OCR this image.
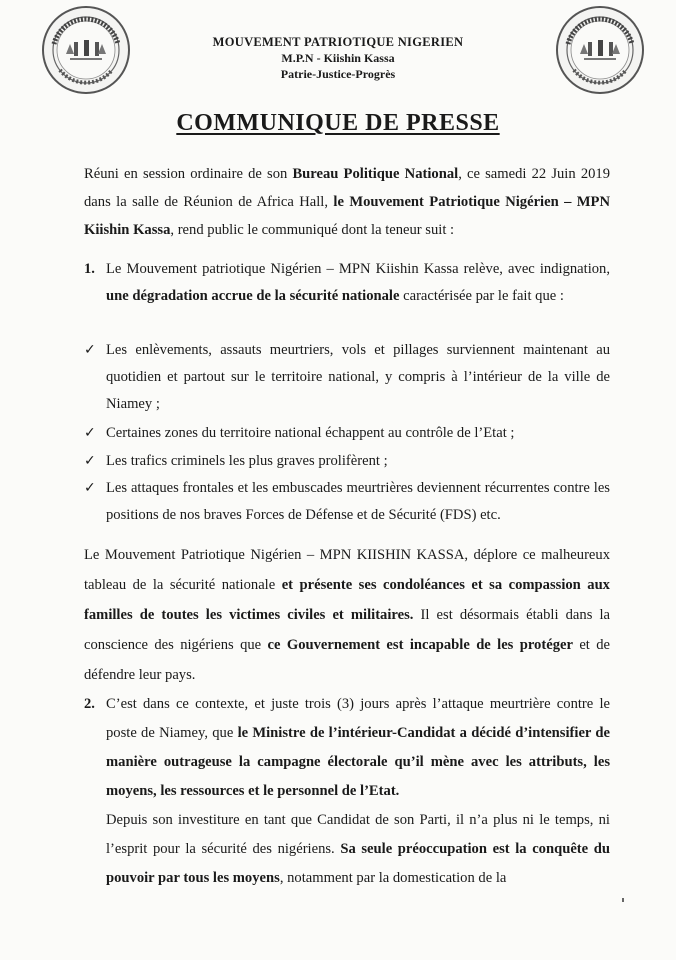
MOUVEMENT PATRIOTIQUE NIGERIEN
M.P.N - Kiishin Kassa
Patrie-Justice-Progrès
COMMUNIQUE DE PRESSE
Réuni en session ordinaire de son Bureau Politique National, ce samedi 22 Juin 2019 dans la salle de Réunion de Africa Hall, le Mouvement Patriotique Nigérien – MPN Kiishin Kassa, rend public le communiqué dont la teneur suit :
1. Le Mouvement patriotique Nigérien – MPN Kiishin Kassa relève, avec indignation, une dégradation accrue de la sécurité nationale caractérisée par le fait que :
✓ Les enlèvements, assauts meurtriers, vols et pillages surviennent maintenant au quotidien et partout sur le territoire national, y compris à l’intérieur de la ville de Niamey ;
✓ Certaines zones du territoire national échappent au contrôle de l’Etat ;
✓ Les trafics criminels les plus graves prolifèrent ;
✓ Les attaques frontales et les embuscades meurtrières deviennent récurrentes contre les positions de nos braves Forces de Défense et de Sécurité (FDS) etc.
Le Mouvement Patriotique Nigérien – MPN KIISHIN KASSA, déplore ce malheureux tableau de la sécurité nationale et présente ses condoléances et sa compassion aux familles de toutes les victimes civiles et militaires. Il est désormais établi dans la conscience des nigériens que ce Gouvernement est incapable de les protéger et de défendre leur pays.
2. C’est dans ce contexte, et juste trois (3) jours après l’attaque meurtrière contre le poste de Niamey, que le Ministre de l’intérieur-Candidat a décidé d’intensifier de manière outrageuse la campagne électorale qu’il mène avec les attributs, les moyens, les ressources et le personnel de l’Etat.
Depuis son investiture en tant que Candidat de son Parti, il n’a plus ni le temps, ni l’esprit pour la sécurité des nigériens. Sa seule préoccupation est la conquête du pouvoir par tous les moyens, notamment par la domestication de la
